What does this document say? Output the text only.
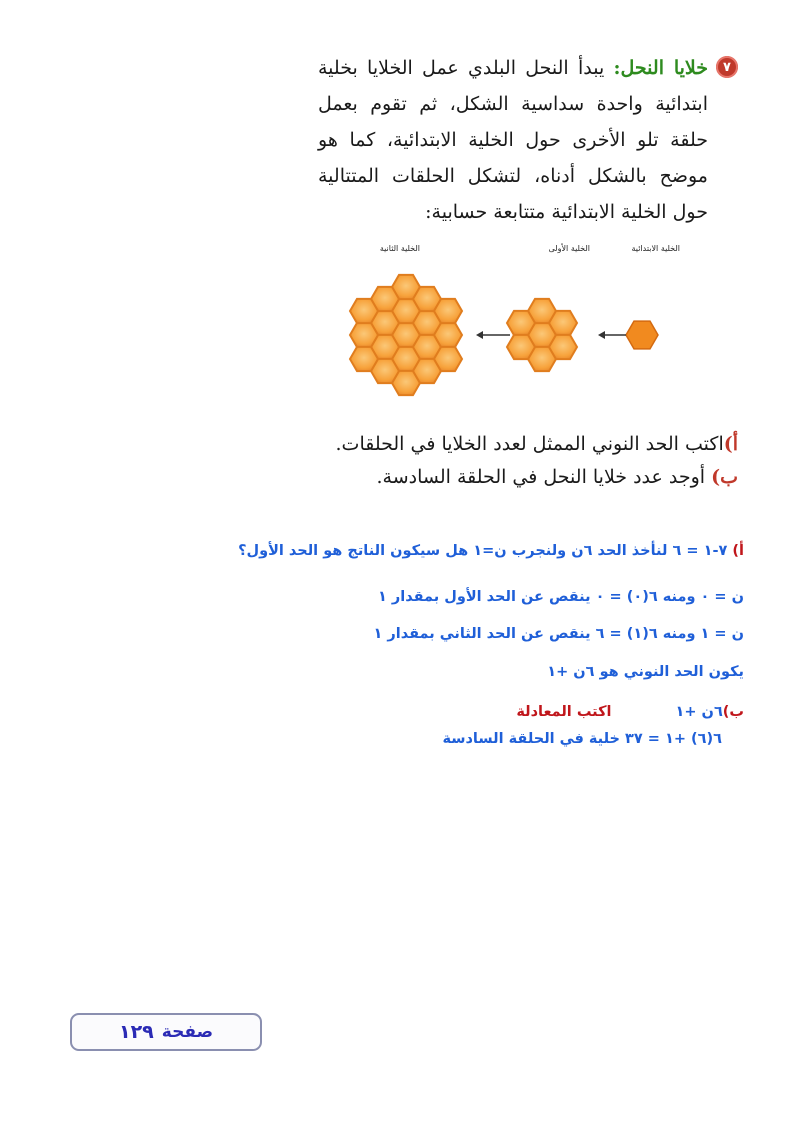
٧
خلايا النحل: يبدأ النحل البلدي عمل الخلايا بخلية ابتدائية واحدة سداسية الشكل، ثم تقوم بعمل حلقة تلو الأخرى حول الخلية الابتدائية، كما هو موضح بالشكل أدناه، لتشكل الحلقات المتتالية حول الخلية الابتدائية متتابعة حسابية:
الخلية الابتدائية
الخلية الأولى
الخلية الثانية
أ)اكتب الحد النوني الممثل لعدد الخلايا في الحلقات.
ب) أوجد عدد خلايا النحل في الحلقة السادسة.
أ) ٧-١ = ٦ لنأخذ الحد ٦ن ولنجرب ن=١ هل سيكون الناتج هو الحد الأول؟
ن = ٠ ومنه ٦(٠) = ٠ ينقص عن الحد الأول بمقدار ١
ن = ١ ومنه ٦(١) = ٦ ينقص عن الحد الثاني بمقدار ١
يكون الحد النوني هو ٦ن +١
ب)٦ن +١اكتب المعادلة
٦(٦) +١ = ٣٧ خلية في الحلقة السادسة
صفحة
١٢٩
